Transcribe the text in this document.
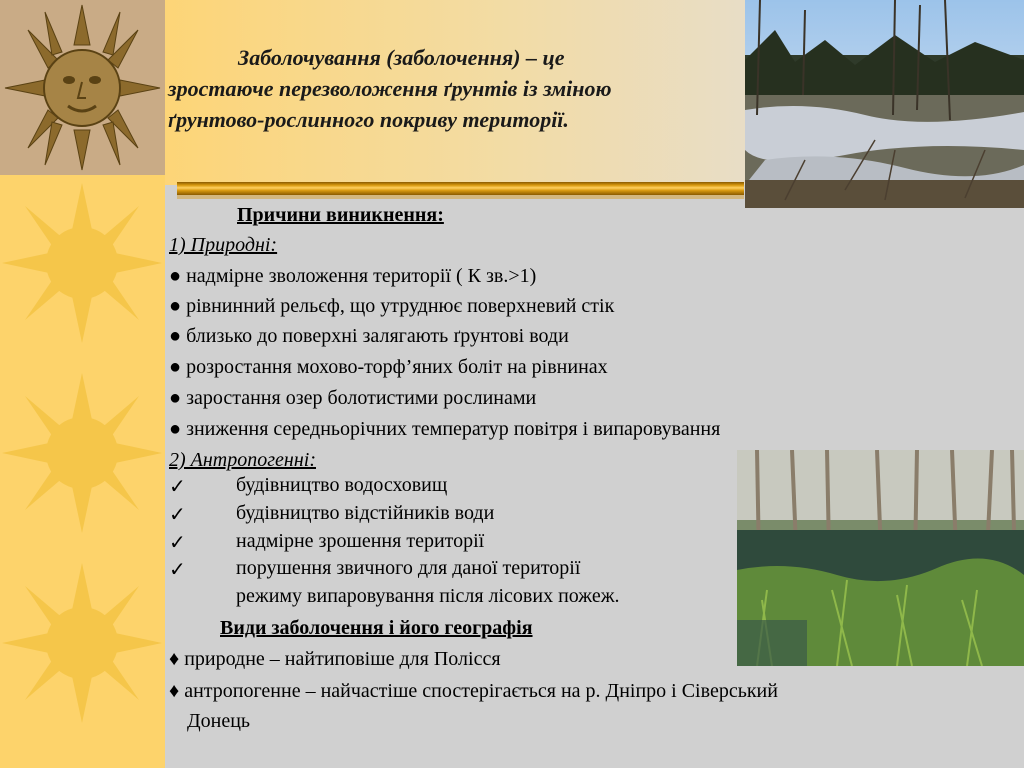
Заболочування (заболочення) – це
зростаюче перезволоження ґрунтів із зміною
ґрунтово-рослинного покриву території.
Причини виникнення:
1) Природні:
● надмірне зволоження території ( К зв.>1)
● рівнинний рельєф, що утруднює поверхневий стік
● близько до поверхні залягають ґрунтові води
● розростання мохово-торф’яних боліт на рівнинах
● заростання озер болотистими рослинами
● зниження середньорічних температур повітря і випаровування
2) Антропогенні:
✓	будівництво водосховищ
✓	будівництво відстійників води
✓	надмірне зрошення території
✓	порушення звичного для даної території
режиму випаровування після лісових пожеж.
Види заболочення і його географія
♦ природне – найтиповіше для Полісся
♦ антропогенне – найчастіше спостерігається на р. Дніпро і Сіверський
Донець
